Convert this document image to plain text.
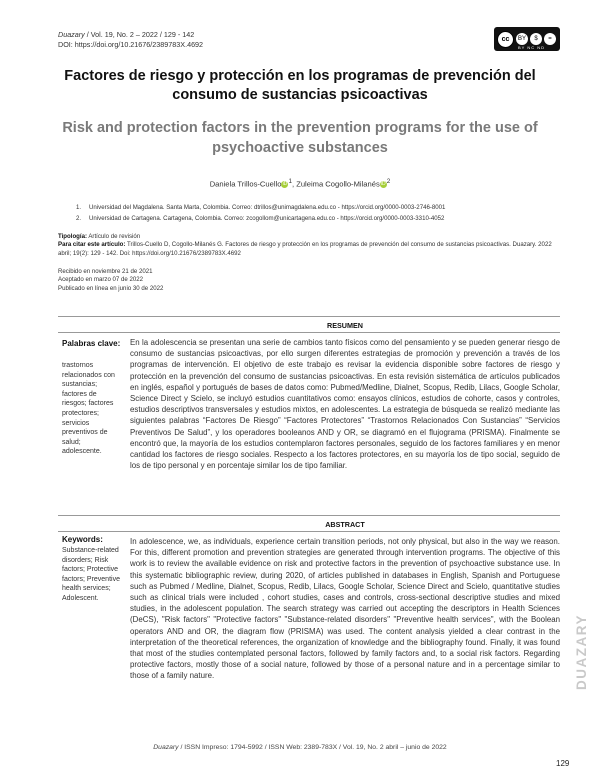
Duazary / Vol. 19, No. 2 – 2022 / 129 - 142
DOI: https://doi.org/10.21676/2389783X.4692
cc	BY	$	=
BY NC ND
Factores de riesgo y protección en los programas de prevención del consumo de sustancias psicoactivas
Risk and protection factors in the prevention programs for the use of psychoactive substances
Daniela Trillos-CuelloiD$^1$, Zuleima Cogollo-MilanésiD$^2$
1. Universidad del Magdalena. Santa Marta, Colombia. Correo: dtrillos@unimagdalena.edu.co - https://orcid.org/0000-0003-2746-8001
2. Universidad de Cartagena. Cartagena, Colombia. Correo: zcogollom@unicartagena.edu.co - https://orcid.org/0000-0003-3310-4052
Tipología: Artículo de revisión
Para citar este artículo: Trillos-Cuello D, Cogollo-Milanés G. Factores de riesgo y protección en los programas de prevención del consumo de sustancias psicoactivas. Duazary. 2022 abril; 19(2): 129 - 142. Doi: https://doi.org/10.21676/2389783X.4692
Recibido en noviembre 21 de 2021
Aceptado en marzo 07 de 2022
Publicado en línea en junio 30 de 2022
RESUMEN
Palabras clave:
trastornos relacionados con sustancias; factores de riesgos; factores protectores; servicios preventivos de salud; adolescente.
En la adolescencia se presentan una serie de cambios tanto físicos como del pensamiento y se pueden generar riesgo de consumo de sustancias psicoactivas, por ello surgen diferentes estrategias de promoción y prevención a través de los programas de intervención. El objetivo de este trabajo es revisar la evidencia disponible sobre factores de riesgo y protección en la prevención del consumo de sustancias psicoactivas. En esta revisión sistemática de artículos publicados en inglés, español y portugués de bases de datos como: Pubmed/Medline, Dialnet, Scopus, Redib, Lilacs, Google Scholar, Science Direct y Scielo, se incluyó estudios cuantitativos como: ensayos clínicos, estudios de cohorte, casos y controles, estudios descriptivos transversales y estudios mixtos, en adolescentes. La estrategia de búsqueda se realizó mediante las siguientes palabras “Factores De Riesgo” “Factores Protectores” “Trastornos Relacionados Con Sustancias” “Servicios Preventivos De Salud”, y los operadores booleanos AND y OR, se diagramó en el flujograma (PRISMA). Finalmente se encontró que, la mayoría de los estudios contemplaron factores personales, seguido de los factores familiares y en menor cantidad los factores de riesgo sociales. Respecto a los factores protectores, en su mayoría los de tipo social, seguido de los de tipo personal y en porcentaje similar los de tipo familiar.
ABSTRACT
Keywords:
Substance-related disorders; Risk factors; Protective factors; Preventive health services; Adolescent.
In adolescence, we, as individuals, experience certain transition periods, not only physical, but also in the way we reason. For this, different promotion and prevention strategies are generated through intervention programs. The objective of this work is to review the available evidence on risk and protective factors in the prevention of psychoactive substance use. In this systematic bibliographic review, during 2020, of articles published in databases in English, Spanish and Portuguese such as Pubmed / Medline, Dialnet, Scopus, Redib, Lilacs, Google Scholar, Science Direct and Scielo, quantitative studies such as clinical trials were included , cohort studies, cases and controls, cross-sectional descriptive studies and mixed studies, in the adolescent population. The search strategy was carried out accepting the descriptors in Health Sciences (DeCS), "Risk factors" "Protective factors" "Substance-related disorders" "Preventive health services", with the Boolean operators AND and OR, the diagram flow (PRISMA) was used. The content analysis yielded a clear contrast in the interpretation of the theoretical references, the organization of knowledge and the bibliography found. Finally, it was found that most of the studies contemplated personal factors, followed by family factors and, to a social risk factors. Regarding protective factors, mostly those of a social nature, followed by those of a personal nature and in a percentage similar to those of a family nature.
Duazary / ISSN Impreso: 1794-5992 / ISSN Web: 2389-783X / Vol. 19, No. 2 abril – junio de 2022
129
DUAZARY
